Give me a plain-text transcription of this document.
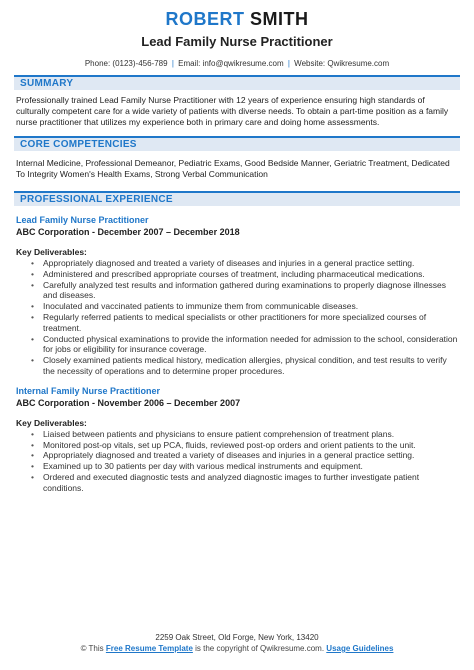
ROBERT SMITH
Lead Family Nurse Practitioner
Phone: (0123)-456-789 | Email: info@qwikresume.com | Website: Qwikresume.com
SUMMARY
Professionally trained Lead Family Nurse Practitioner with 12 years of experience ensuring high standards of culturally competent care for a wide variety of patients with diverse needs. To obtain a part-time position as a family nurse practitioner that utilizes my experience both in primary care and doing home assessments.
CORE COMPETENCIES
Internal Medicine, Professional Demeanor, Pediatric Exams, Good Bedside Manner, Geriatric Treatment, Dedicated To Integrity Women's Health Exams, Strong Verbal Communication
PROFESSIONAL EXPERIENCE
Lead Family Nurse Practitioner
ABC Corporation - December 2007 – December 2018
Key Deliverables:
• Appropriately diagnosed and treated a variety of diseases and injuries in a general practice setting.
• Administered and prescribed appropriate courses of treatment, including pharmaceutical medications.
• Carefully analyzed test results and information gathered during examinations to properly diagnose illnesses and diseases.
• Inoculated and vaccinated patients to immunize them from communicable diseases.
• Regularly referred patients to medical specialists or other practitioners for more specialized courses of treatment.
• Conducted physical examinations to provide the information needed for admission to the school, consideration for jobs or eligibility for insurance coverage.
• Closely examined patients medical history, medication allergies, physical condition, and test results to verify the necessity of operations and to determine proper procedures.
Internal Family Nurse Practitioner
ABC Corporation - November 2006 – December 2007
Key Deliverables:
• Liaised between patients and physicians to ensure patient comprehension of treatment plans.
• Monitored post-op vitals, set up PCA, fluids, reviewed post-op orders and orient patients to the unit.
• Appropriately diagnosed and treated a variety of diseases and injuries in a general practice setting.
• Examined up to 30 patients per day with various medical instruments and equipment.
• Ordered and executed diagnostic tests and analyzed diagnostic images to further investigate patient conditions.
2259 Oak Street, Old Forge, New York, 13420
© This Free Resume Template is the copyright of Qwikresume.com. Usage Guidelines
